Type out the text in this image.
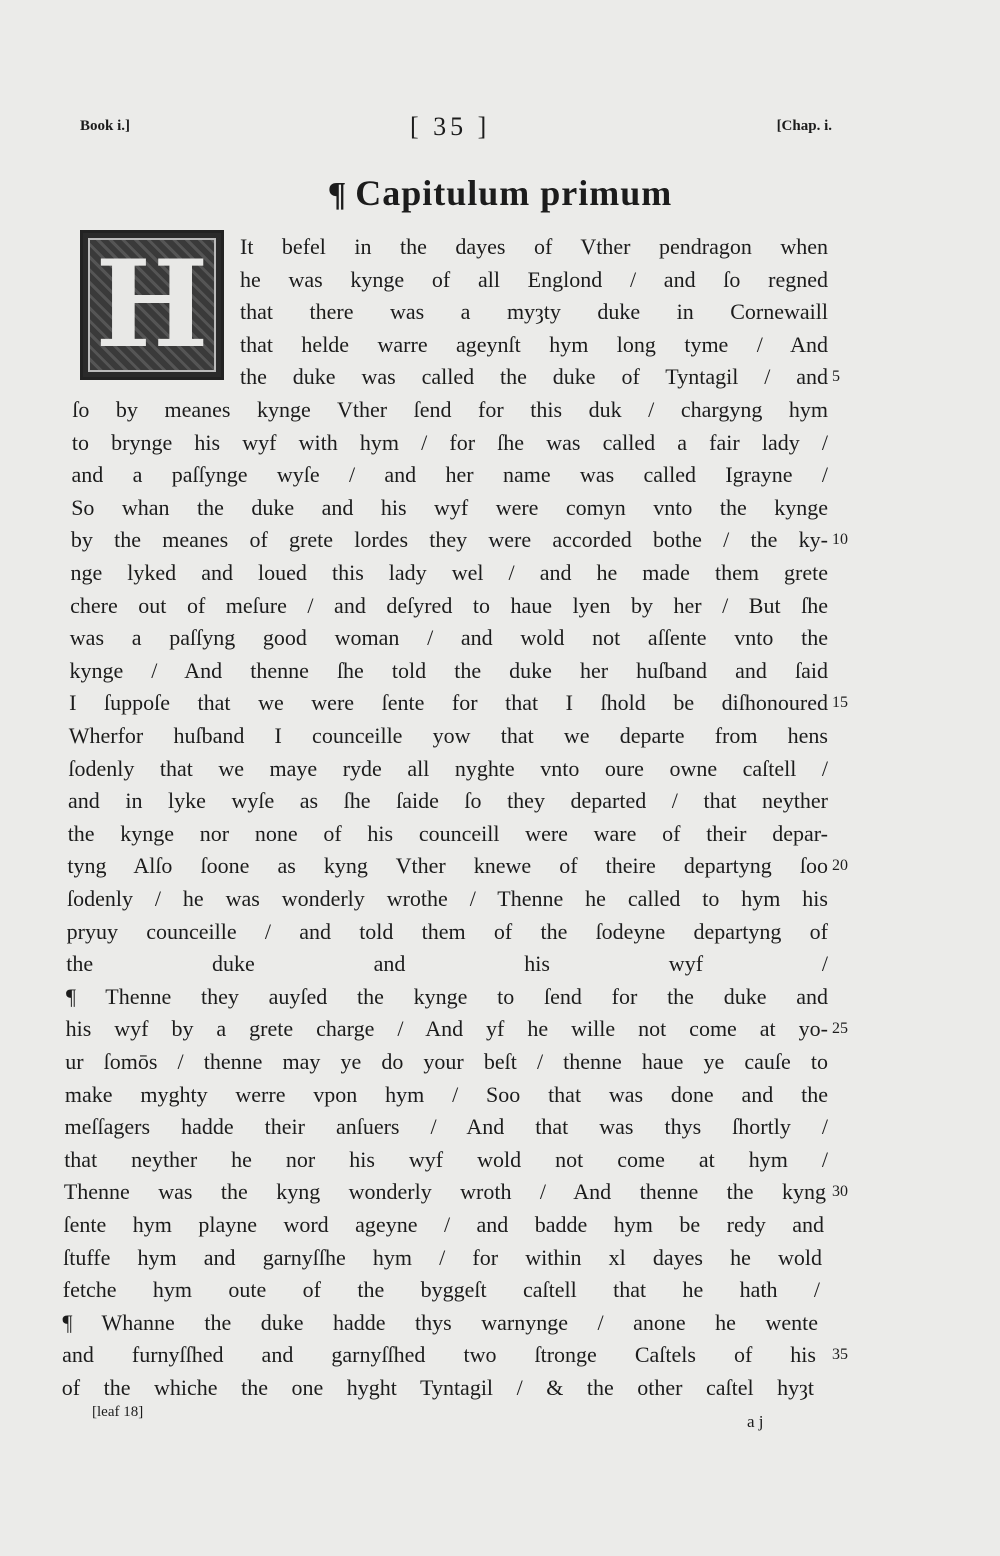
Book i.]	[ 35 ]	[Chap. i.
¶ Capitulum primum
H It befel in the dayes of Vther pendragon when
he was kynge of all Englond / and ſo regned
that there was a myȝty duke in Cornewaill
that helde warre ageynſt hym long tyme / And
the duke was called the duke of Tyntagil / and
ſo by meanes kynge Vther ſend for this duk / chargyng hym
to brynge his wyf with hym / for ſhe was called a fair lady /
and a paſſynge wyſe / and her name was called Igrayne /
So whan the duke and his wyf were comyn vnto the kynge
by the meanes of grete lordes they were accorded bothe / the ky-
nge lyked and loued this lady wel / and he made them grete
chere out of meſure / and deſyred to haue lyen by her / But ſhe
was a paſſyng good woman / and wold not aſſente vnto the
kynge / And thenne ſhe told the duke her huſband and ſaid
I ſuppoſe that we were ſente for that I ſhold be diſhonoured
Wherfor huſband I counceille yow that we departe from hens
ſodenly that we maye ryde all nyghte vnto oure owne caſtell /
and in lyke wyſe as ſhe ſaide ſo they departed / that neyther
the kynge nor none of his counceill were ware of their depar-
tyng Alſo ſoone as kyng Vther knewe of theire departyng ſoo
ſodenly / he was wonderly wrothe / Thenne he called to hym his
pryuy counceille / and told them of the ſodeyne departyng of
the duke and his wyf /
¶ Thenne they auyſed the kynge to ſend for the duke and
his wyf by a grete charge / And yf he wille not come at yo-
ur ſomōs / thenne may ye do your beſt / thenne haue ye cauſe to
make myghty werre vpon hym / Soo that was done and the
meſſagers hadde their anſuers / And that was thys ſhortly /
that neyther he nor his wyf wold not come at hym /
Thenne was the kyng wonderly wroth / And thenne the kyng
ſente hym playne word ageyne / and badde hym be redy and
ſtuffe hym and garnyſſhe hym / for within xl dayes he wold
fetche hym oute of the byggeſt caſtell that he hath /
¶ Whanne the duke hadde thys warnynge / anone he wente
and furnyſſhed and garnyſſhed two ſtronge Caſtels of his
of the whiche the one hyght Tyntagil / & the other caſtel hyȝt
5
10
15
20
25
30
35
[leaf 18]	a j
